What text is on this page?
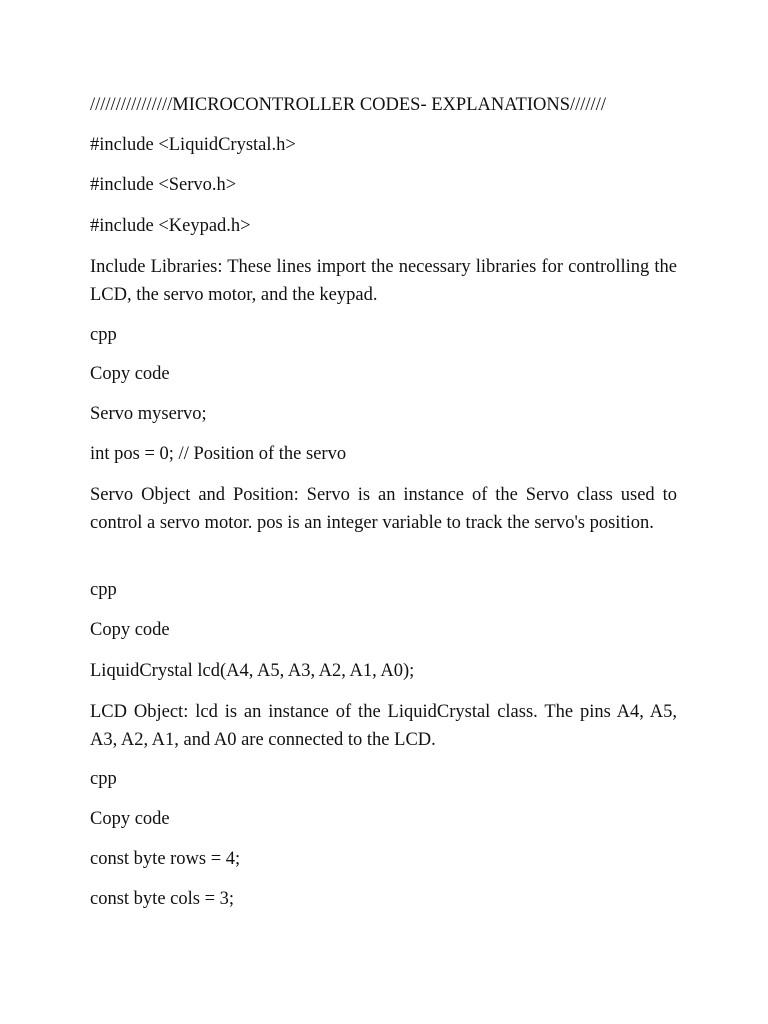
////////////////MICROCONTROLLER CODES- EXPLANATIONS///////

#include <LiquidCrystal.h>

#include <Servo.h>

#include <Keypad.h>

Include Libraries: These lines import the necessary libraries for controlling the LCD, the servo motor, and the keypad.

cpp

Copy code

Servo myservo;

int pos = 0; // Position of the servo

Servo Object and Position: Servo is an instance of the Servo class used to control a servo motor. pos is an integer variable to track the servo's position.

cpp

Copy code

LiquidCrystal lcd(A4, A5, A3, A2, A1, A0);

LCD Object: lcd is an instance of the LiquidCrystal class. The pins A4, A5, A3, A2, A1, and A0 are connected to the LCD.

cpp

Copy code

const byte rows = 4;

const byte cols = 3;
